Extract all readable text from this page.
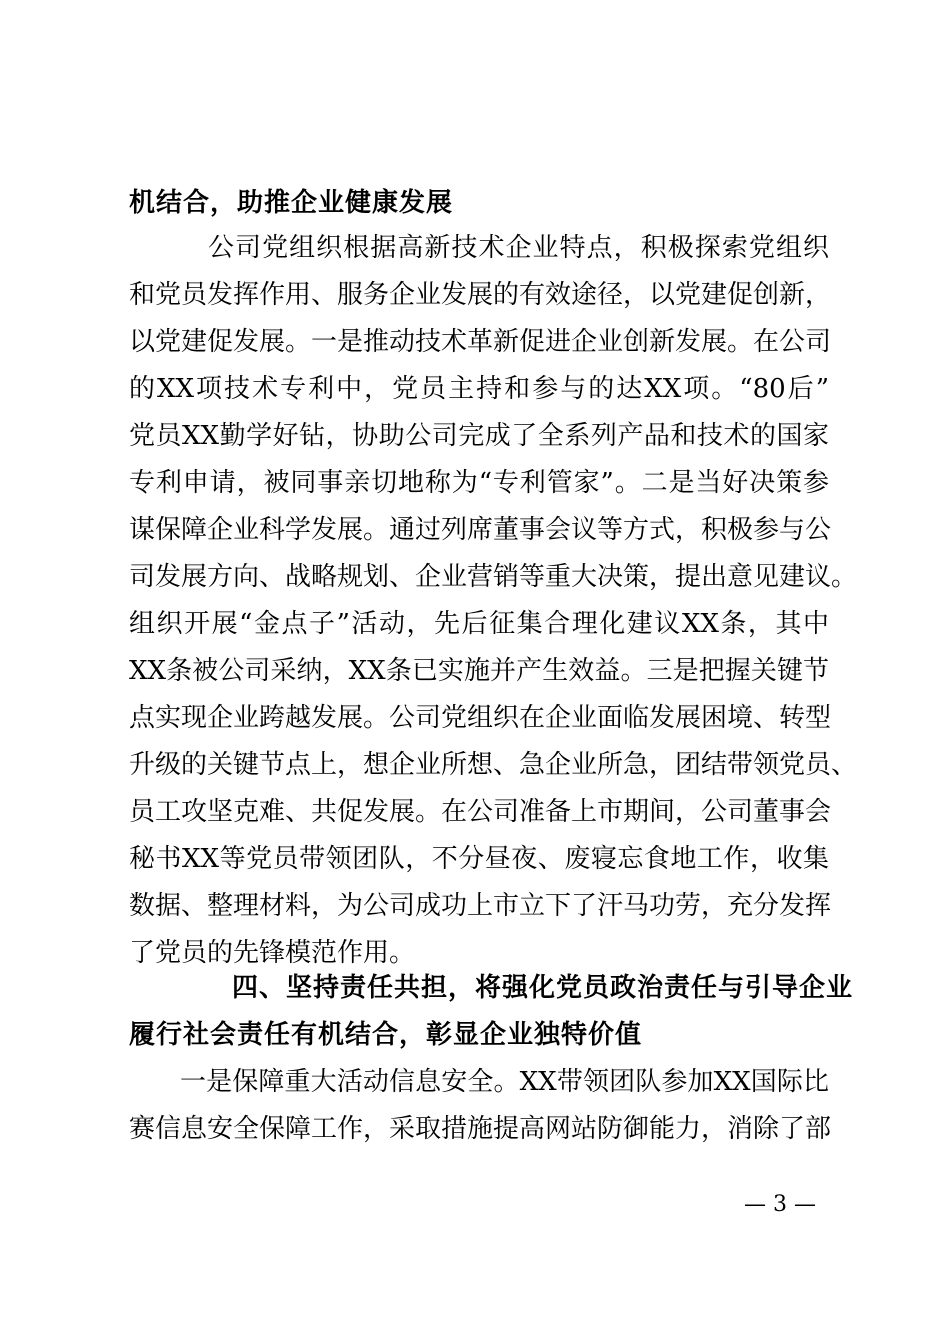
机结合，助推企业健康发展
公司党组织根据高新技术企业特点，积极探索党组织
和党员发挥作用、服务企业发展的有效途径，以党建促创新，
以党建促发展。一是推动技术革新促进企业创新发展。在公司
的XX项技术专利中，党员主持和参与的达XX项。“80后”
党员XX勤学好钻，协助公司完成了全系列产品和技术的国家
专利申请，被同事亲切地称为“专利管家”。二是当好决策参
谋保障企业科学发展。通过列席董事会议等方式，积极参与公
司发展方向、战略规划、企业营销等重大决策，提出意见建议。
组织开展“金点子”活动，先后征集合理化建议XX条，其中
XX条被公司采纳，XX条已实施并产生效益。三是把握关键节
点实现企业跨越发展。公司党组织在企业面临发展困境、转型
升级的关键节点上，想企业所想、急企业所急，团结带领党员、
员工攻坚克难、共促发展。在公司准备上市期间，公司董事会
秘书XX等党员带领团队，不分昼夜、废寝忘食地工作，收集
数据、整理材料，为公司成功上市立下了汗马功劳，充分发挥
了党员的先锋模范作用。
四、坚持责任共担，将强化党员政治责任与引导企业
履行社会责任有机结合，彰显企业独特价值
一是保障重大活动信息安全。XX带领团队参加XX国际比
赛信息安全保障工作，采取措施提高网站防御能力，消除了部
— 3 —
